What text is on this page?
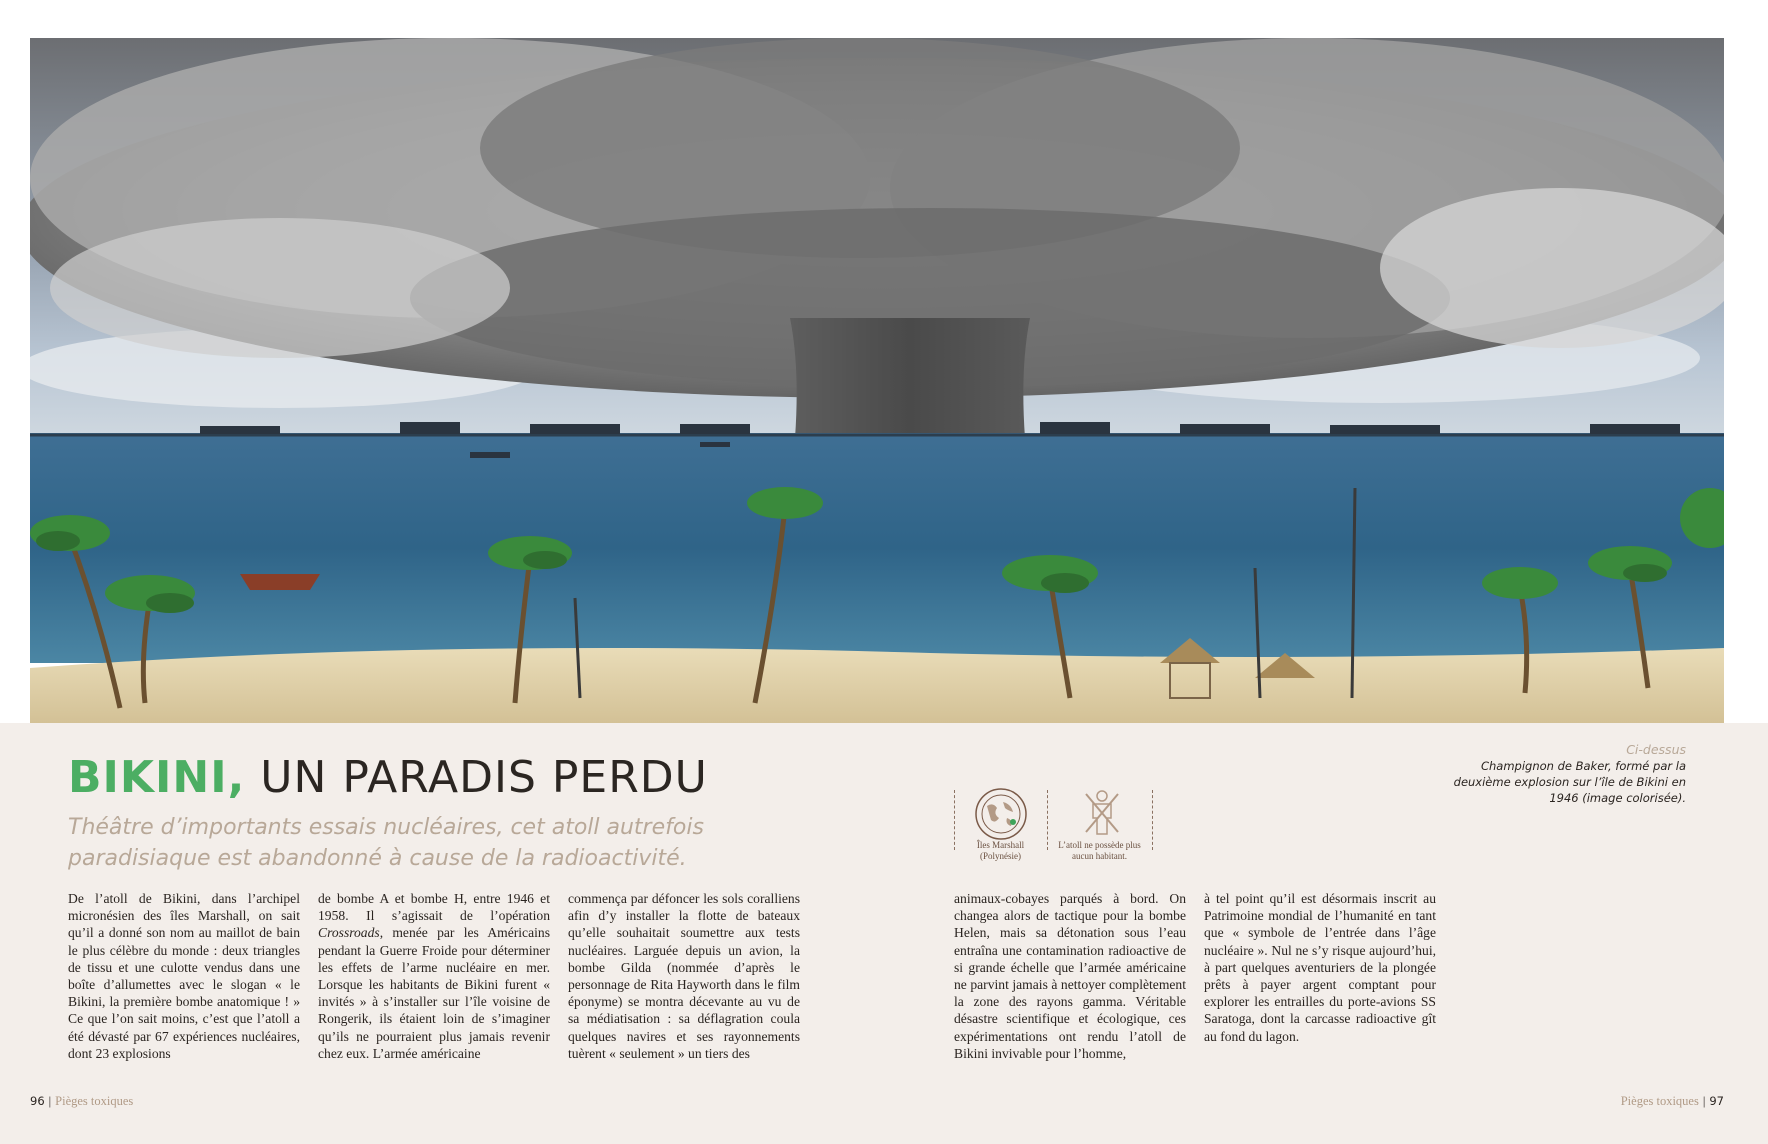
BIKINI, UN PARADIS PERDU

Théâtre d’importants essais nucléaires, cet atoll autrefois paradisiaque est abandonné à cause de la radioactivité.

De l’atoll de Bikini, dans l’archipel micronésien des îles Marshall, on sait qu’il a donné son nom au maillot de bain le plus célèbre du monde : deux triangles de tissu et une culotte vendus dans une boîte d’allumettes avec le slogan « le Bikini, la première bombe anatomique ! » Ce que l’on sait moins, c’est que l’atoll a été dévasté par 67 expériences nucléaires, dont 23 explosions

de bombe A et bombe H, entre 1946 et 1958. Il s’agissait de l’opération Crossroads, menée par les Américains pendant la Guerre Froide pour déterminer les effets de l’arme nucléaire en mer. Lorsque les habitants de Bikini furent « invités » à s’installer sur l’île voisine de Rongerik, ils étaient loin de s’imaginer qu’ils ne pourraient plus jamais revenir chez eux. L’armée américaine

commença par défoncer les sols coralliens afin d’y installer la flotte de bateaux qu’elle souhaitait soumettre aux tests nucléaires. Larguée depuis un avion, la bombe Gilda (nommée d’après le personnage de Rita Hayworth dans le film éponyme) se montra décevante au vu de sa médiatisation : sa déflagration coula quelques navires et ses rayonnements tuèrent « seulement » un tiers des

animaux-cobayes parqués à bord. On changea alors de tactique pour la bombe Helen, mais sa détonation sous l’eau entraîna une contamination radioactive de si grande échelle que l’armée américaine ne parvint jamais à nettoyer complètement la zone des rayons gamma. Véritable désastre scientifique et écologique, ces expérimentations ont rendu l’atoll de Bikini invivable pour l’homme,

à tel point qu’il est désormais inscrit au Patrimoine mondial de l’humanité en tant que « symbole de l’entrée dans l’âge nucléaire ». Nul ne s’y risque aujourd’hui, à part quelques aventuriers de la plongée prêts à payer argent comptant pour explorer les entrailles du porte-avions SS Saratoga, dont la carcasse radioactive gît au fond du lagon.

Ci-dessus
Champignon de Baker, formé par la deuxième explosion sur l’île de Bikini en 1946 (image colorisée).
Îles Marshall
(Polynésie)
L’atoll ne possède plus
aucun habitant.
96 | Pièges toxiques	Pièges toxiques | 97
